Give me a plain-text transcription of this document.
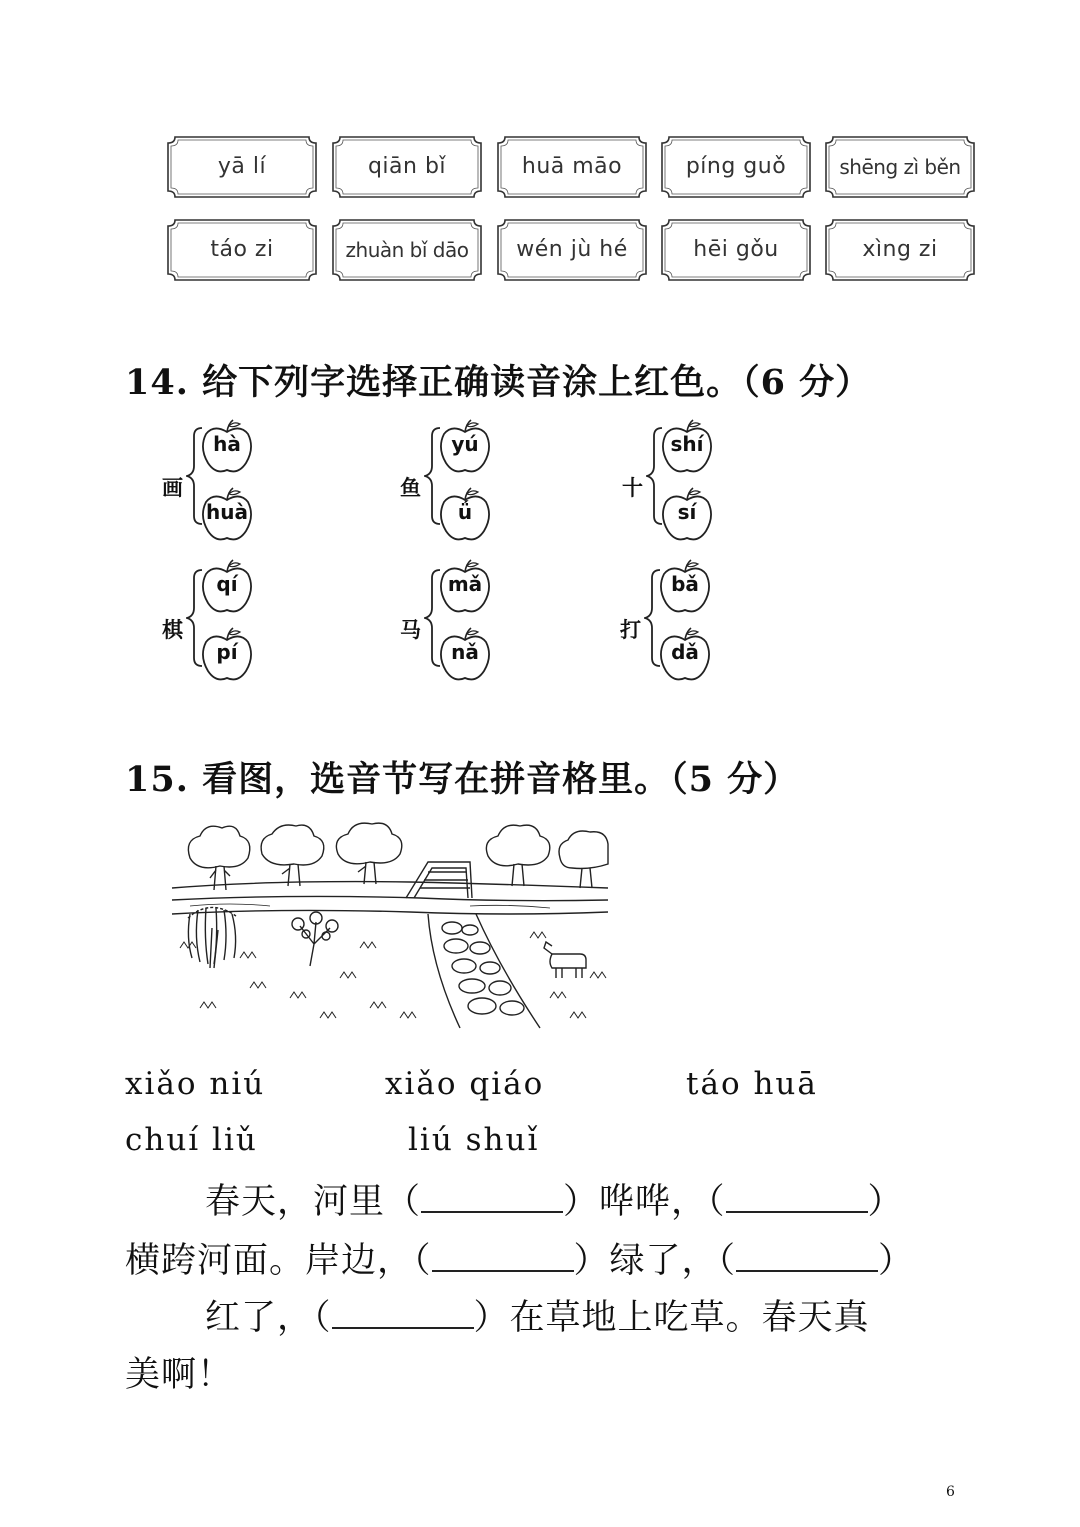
yā lí	qiān bǐ	huā māo	píng guǒ	shēng zì běn
táo zi	zhuàn bǐ dāo	wén jù hé	hēi gǒu	xìng zi
14. 给下列字选择正确读音涂上红色。（6 分）
画
hà
huà
鱼
yú
ǘ
十
shí
sí
棋
qí
pí
马
mǎ
nǎ
打
bǎ
dǎ
15. 看图，选音节写在拼音格里。（5 分）
xiǎo niú	xiǎo qiáo	táo huā
chuí liǔ	liú shuǐ
春天，河里（	）哗哗，（	）
横跨河面。岸边，（	）绿了，（	）
红了，（	）在草地上吃草。春天真
美啊！
6
